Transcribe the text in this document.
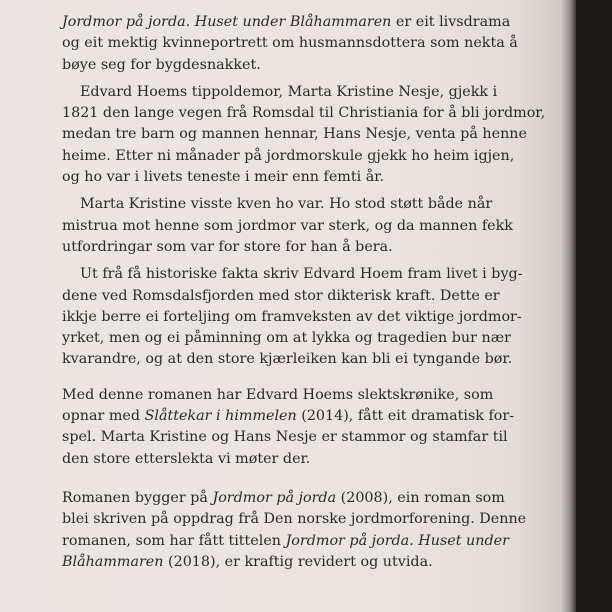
Jordmor på jorda. Huset under Blåhammaren er eit livsdrama
og eit mektig kvinneportrett om husmannsdottera som nekta å
bøye seg for bygdesnakket.
Edvard Hoems tippoldemor, Marta Kristine Nesje, gjekk i
1821 den lange vegen frå Romsdal til Christiania for å bli jordmor,
medan tre barn og mannen hennar, Hans Nesje, venta på henne
heime. Etter ni månader på jordmorskule gjekk ho heim igjen,
og ho var i livets teneste i meir enn femti år.
Marta Kristine visste kven ho var. Ho stod støtt både når
mistrua mot henne som jordmor var sterk, og da mannen fekk
utfordringar som var for store for han å bera.
Ut frå få historiske fakta skriv Edvard Hoem fram livet i byg-
dene ved Romsdalsfjorden med stor dikterisk kraft. Dette er
ikkje berre ei forteljing om framveksten av det viktige jordmor-
yrket, men og ei påminning om at lykka og tragedien bur nær
kvarandre, og at den store kjærleiken kan bli ei tyngande bør.
Med denne romanen har Edvard Hoems slektskrønike, som
opnar med Slåttekar i himmelen (2014), fått eit dramatisk for-
spel. Marta Kristine og Hans Nesje er stammor og stamfar til
den store etterslekta vi møter der.
Romanen bygger på Jordmor på jorda (2008), ein roman som
blei skriven på oppdrag frå Den norske jordmorforening. Denne
romanen, som har fått tittelen Jordmor på jorda. Huset under
Blåhammaren (2018), er kraftig revidert og utvida.
